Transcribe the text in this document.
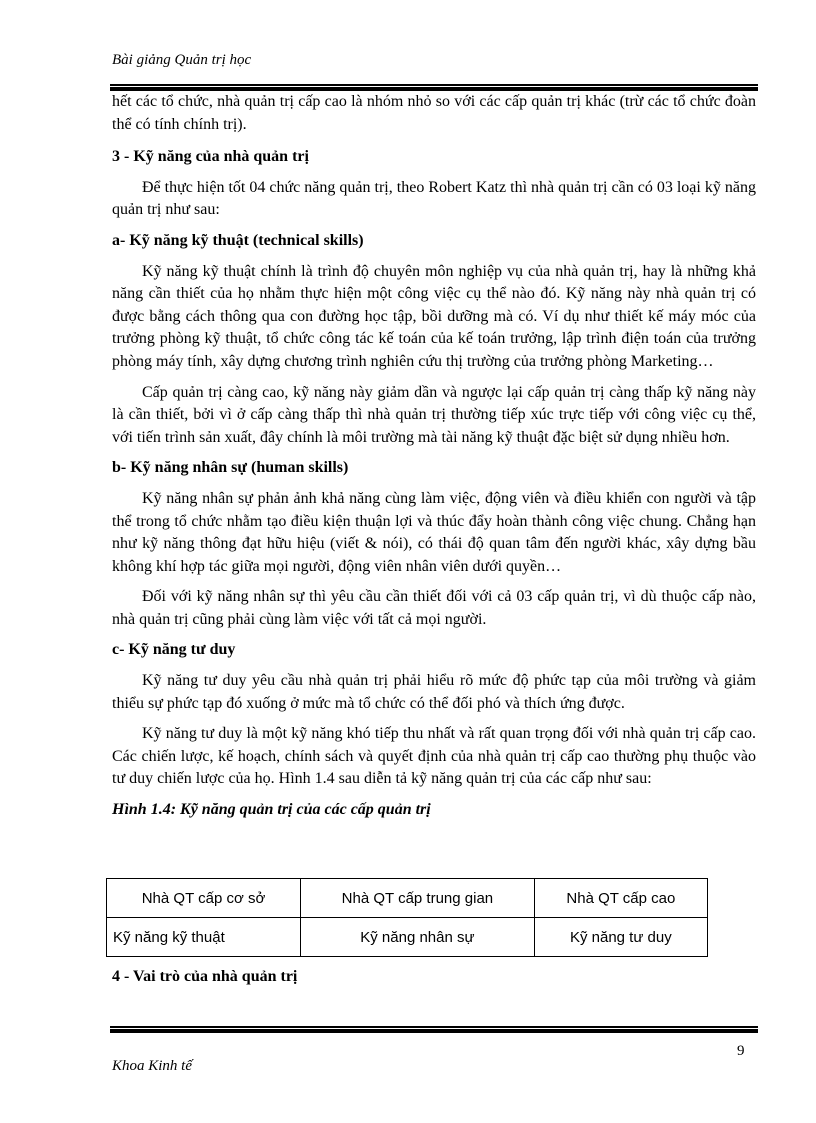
Bài giảng Quản trị học

hết các tổ chức, nhà quản trị cấp cao là nhóm nhỏ so với các cấp quản trị khác (trừ các tổ chức đoàn thể có tính chính trị).

3 - Kỹ năng của nhà quản trị

Để thực hiện tốt 04 chức năng quản trị, theo Robert Katz thì nhà quản trị cần có 03 loại kỹ năng quản trị như sau:

a- Kỹ năng kỹ thuật (technical skills)

Kỹ năng kỹ thuật chính là trình độ chuyên môn nghiệp vụ của nhà quản trị, hay là những khả năng cần thiết của họ nhằm thực hiện một công việc cụ thể nào đó. Kỹ năng này nhà quản trị có được bằng cách thông qua con đường học tập, bồi dưỡng mà có. Ví dụ như thiết kế máy móc của trưởng phòng kỹ thuật, tổ chức công tác kế toán của kế toán trưởng, lập trình điện toán của trưởng phòng máy tính, xây dựng chương trình nghiên cứu thị trường của trưởng phòng Marketing…

Cấp quản trị càng cao, kỹ năng này giảm dần và ngược lại cấp quản trị càng thấp kỹ năng này là cần thiết, bởi vì ở cấp càng thấp thì nhà quản trị thường tiếp xúc trực tiếp với công việc cụ thể, với tiến trình sản xuất, đây chính là môi trường mà tài năng kỹ thuật đặc biệt sử dụng nhiều hơn.

b- Kỹ năng nhân sự (human skills)

Kỹ năng nhân sự phản ảnh khả năng cùng làm việc, động viên và điều khiển con người và tập thể trong tổ chức nhằm tạo điều kiện thuận lợi và thúc đẩy hoàn thành công việc chung. Chẳng hạn như kỹ năng thông đạt hữu hiệu (viết & nói), có thái độ quan tâm đến người khác, xây dựng bầu không khí hợp tác giữa mọi người, động viên nhân viên dưới quyền…

Đối với kỹ năng nhân sự thì yêu cầu cần thiết đối với cả 03 cấp quản trị, vì dù thuộc cấp nào, nhà quản trị cũng phải cùng làm việc với tất cả mọi người.

c- Kỹ năng tư duy

Kỹ năng tư duy yêu cầu nhà quản trị phải hiểu rõ mức độ phức tạp của môi trường và giảm thiểu sự phức tạp đó xuống ở mức mà tổ chức có thể đối phó và thích ứng được.

Kỹ năng tư duy là một kỹ năng khó tiếp thu nhất và rất quan trọng đối với nhà quản trị cấp cao. Các chiến lược, kế hoạch, chính sách và quyết định của nhà quản trị cấp cao thường phụ thuộc vào tư duy chiến lược của họ. Hình 1.4 sau diễn tả kỹ năng quản trị của các cấp như sau:

Hình 1.4: Kỹ năng quản trị của các cấp quản trị

Nhà QT cấp cơ sở	Nhà QT cấp trung gian	Nhà QT cấp cao
Kỹ năng kỹ thuật	Kỹ năng nhân sự	Kỹ năng tư duy
4 - Vai trò của nhà quản trị
9
Khoa Kinh tế
